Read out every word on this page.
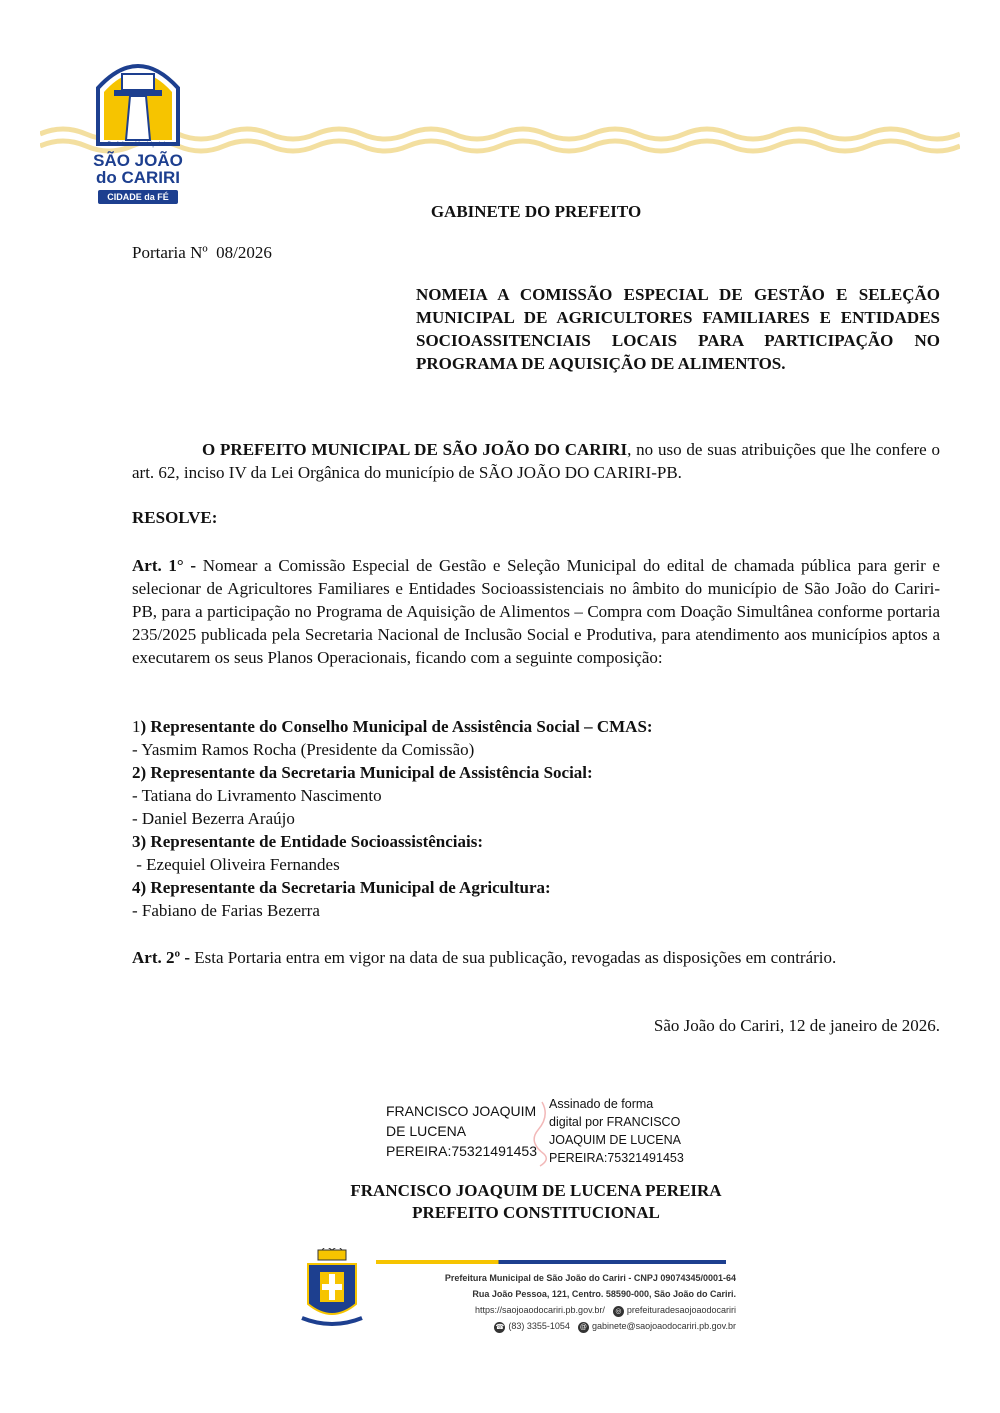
Prefeitura Municipal de
SÃO JOÃO
do CARIRI
CIDADE da FÉ
GABINETE DO PREFEITO
Portaria Nº  08/2026
NOMEIA A COMISSÃO ESPECIAL DE GESTÃO E SELEÇÃO MUNICIPAL DE AGRICULTORES FAMILIARES E ENTIDADES SOCIOASSITENCIAIS LOCAIS PARA PARTICIPAÇÃO NO PROGRAMA DE AQUISIÇÃO DE ALIMENTOS.
O PREFEITO MUNICIPAL DE SÃO JOÃO DO CARIRI, no uso de suas atribuições que lhe confere o art. 62, inciso IV da Lei Orgânica do município de SÃO JOÃO DO CARIRI-PB.
RESOLVE:
Art. 1° - Nomear a Comissão Especial de Gestão e Seleção Municipal do edital de chamada pública para gerir e selecionar de Agricultores Familiares e Entidades Socioassistenciais no âmbito do município de São João do Cariri-PB, para a participação no Programa de Aquisição de Alimentos – Compra com Doação Simultânea conforme portaria 235/2025 publicada pela Secretaria Nacional de Inclusão Social e Produtiva, para atendimento aos municípios aptos a executarem os seus Planos Operacionais, ficando com a seguinte composição:
1) Representante do Conselho Municipal de Assistência Social – CMAS:
- Yasmim Ramos Rocha (Presidente da Comissão)
2) Representante da Secretaria Municipal de Assistência Social:
- Tatiana do Livramento Nascimento
- Daniel Bezerra Araújo
3) Representante de Entidade Socioassistênciais:
- Ezequiel Oliveira Fernandes
4) Representante da Secretaria Municipal de Agricultura:
- Fabiano de Farias Bezerra
Art. 2º - Esta Portaria entra em vigor na data de sua publicação, revogadas as disposições em contrário.
São João do Cariri, 12 de janeiro de 2026.
FRANCISCO JOAQUIM
DE LUCENA
PEREIRA:75321491453
Assinado de forma
digital por FRANCISCO
JOAQUIM DE LUCENA
PEREIRA:75321491453
FRANCISCO JOAQUIM DE LUCENA PEREIRA
PREFEITO CONSTITUCIONAL
Prefeitura Municipal de São João do Cariri - CNPJ 09074345/0001-64
Rua João Pessoa, 121, Centro. 58590-000, São João do Cariri.
https://saojoaodocariri.pb.gov.br/	◎ prefeituradesaojoaodocariri
☎ (83) 3355-1054 @ gabinete@saojoaodocariri.pb.gov.br
